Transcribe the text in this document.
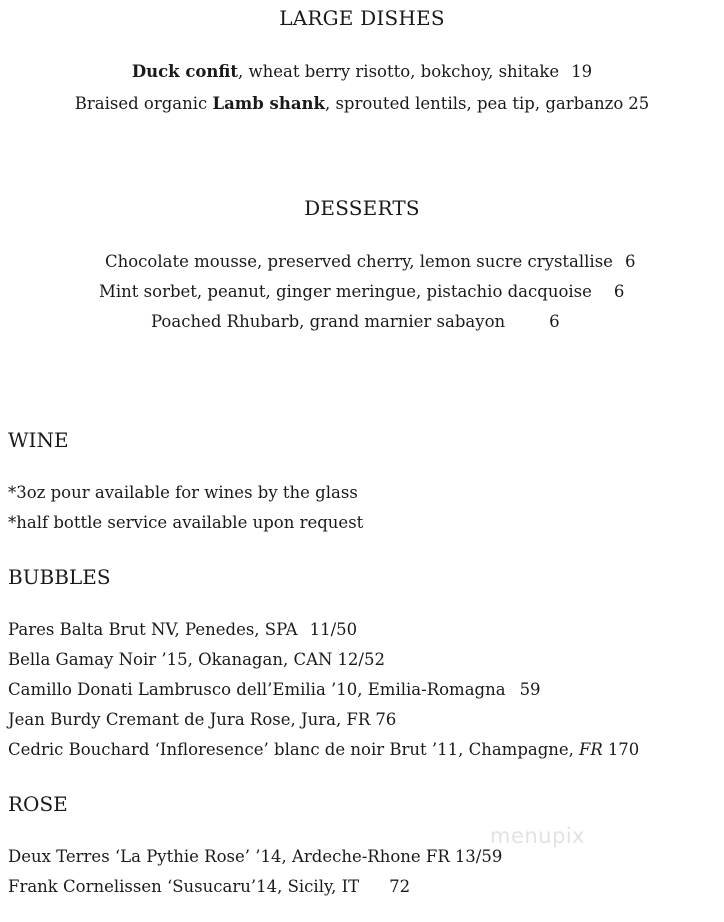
LARGE DISHES
Duck confit, wheat berry risotto, bokchoy, shitake 19
Braised organic Lamb shank, sprouted lentils, pea tip, garbanzo 25
DESSERTS
Chocolate mousse, preserved cherry, lemon sucre crystallise 6
Mint sorbet, peanut, ginger meringue, pistachio dacquoise 6
Poached Rhubarb, grand marnier sabayon	6
WINE
*3oz pour available for wines by the glass
*half bottle service available upon request
BUBBLES
Pares Balta Brut NV, Penedes, SPA 11/50
Bella Gamay Noir ’15, Okanagan, CAN 12/52
Camillo Donati Lambrusco dell’Emilia ’10, Emilia-Romagna 59
Jean Burdy Cremant de Jura Rose, Jura, FR 76
Cedric Bouchard ‘Infloresence’ blanc de noir Brut ’11, Champagne, FR 170
ROSE
Deux Terres ‘La Pythie Rose’ ’14, Ardeche-Rhone FR 13/59
Frank Cornelissen ‘Susucaru’14, Sicily, IT 72
menupix
